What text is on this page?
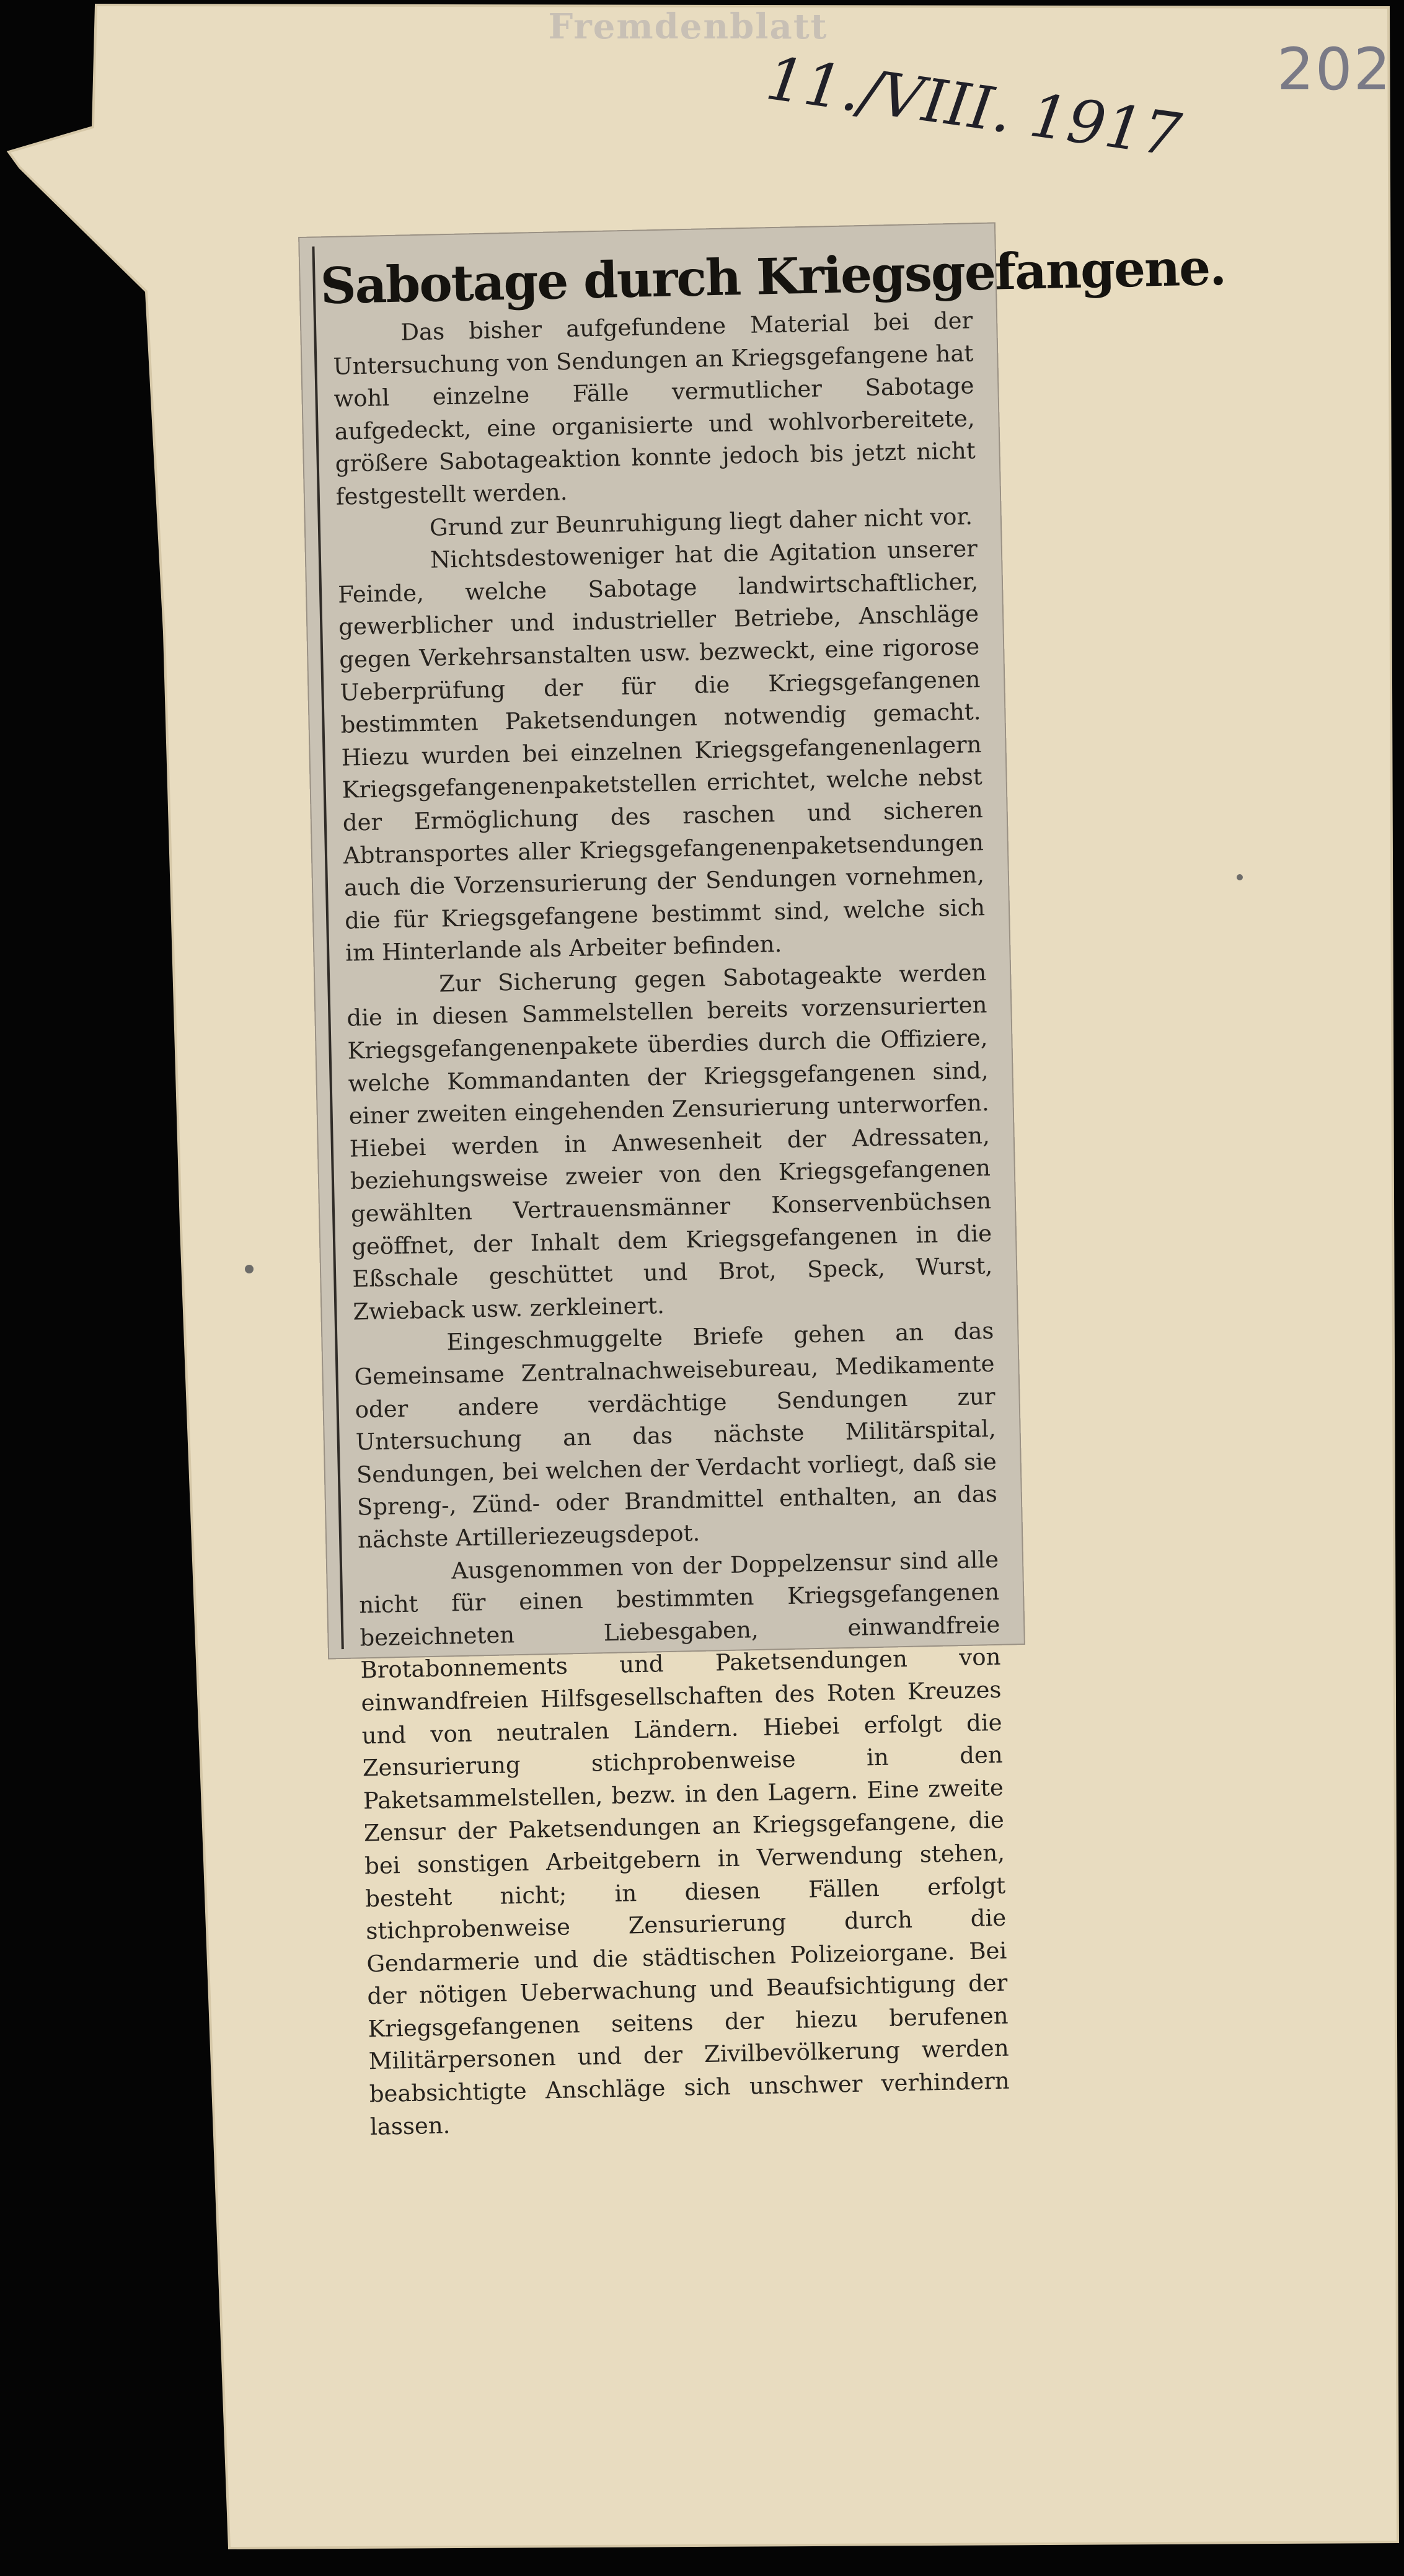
Fremdenblatt
11./VIII. 1917 202
Sabotage durch Kriegsgefangene.

Das bisher aufgefundene Material bei der Untersuchung von Sendungen an Kriegsgefangene hat wohl einzelne Fälle vermutlicher Sabotage aufgedeckt, eine organisierte und wohlvorbereitete, größere Sabotageaktion konnte jedoch bis jetzt nicht festgestellt werden.

Grund zur Beunruhigung liegt daher nicht vor.

Nichtsdestoweniger hat die Agitation unserer Feinde, welche Sabotage landwirtschaftlicher, gewerblicher und industrieller Betriebe, Anschläge gegen Verkehrsanstalten usw. bezweckt, eine rigorose Ueberprüfung der für die Kriegsgefangenen bestimmten Paketsendungen notwendig gemacht. Hiezu wurden bei einzelnen Kriegsgefangenenlagern Kriegsgefangenenpaketstellen errichtet, welche nebst der Ermöglichung des raschen und sicheren Abtransportes aller Kriegsgefangenenpaketsendungen auch die Vorzensurierung der Sendungen vornehmen, die für Kriegsgefangene bestimmt sind, welche sich im Hinterlande als Arbeiter befinden.

Zur Sicherung gegen Sabotageakte werden die in diesen Sammelstellen bereits vorzensurierten Kriegsgefangenenpakete überdies durch die Offiziere, welche Kommandanten der Kriegsgefangenen sind, einer zweiten eingehenden Zensurierung unterworfen. Hiebei werden in Anwesenheit der Adressaten, beziehungsweise zweier von den Kriegsgefangenen gewählten Vertrauensmänner Konservenbüchsen geöffnet, der Inhalt dem Kriegsgefangenen in die Eßschale geschüttet und Brot, Speck, Wurst, Zwieback usw. zerkleinert.

Eingeschmuggelte Briefe gehen an das Gemeinsame Zentralnachweisebureau, Medikamente oder andere verdächtige Sendungen zur Untersuchung an das nächste Militärspital, Sendungen, bei welchen der Verdacht vorliegt, daß sie Spreng-, Zünd- oder Brandmittel enthalten, an das nächste Artilleriezeugsdepot.

Ausgenommen von der Doppelzensur sind alle nicht für einen bestimmten Kriegsgefangenen bezeichneten Liebesgaben, einwandfreie Brotabonnements und Paketsendungen von einwandfreien Hilfsgesellschaften des Roten Kreuzes und von neutralen Ländern. Hiebei erfolgt die Zensurierung stichprobenweise in den Paketsammelstellen, bezw. in den Lagern. Eine zweite Zensur der Paketsendungen an Kriegsgefangene, die bei sonstigen Arbeitgebern in Verwendung stehen, besteht nicht; in diesen Fällen erfolgt stichprobenweise Zensurierung durch die Gendarmerie und die städtischen Polizeiorgane. Bei der nötigen Ueberwachung und Beaufsichtigung der Kriegsgefangenen seitens der hiezu berufenen Militärpersonen und der Zivilbevölkerung werden beabsichtigte Anschläge sich unschwer verhindern lassen.
